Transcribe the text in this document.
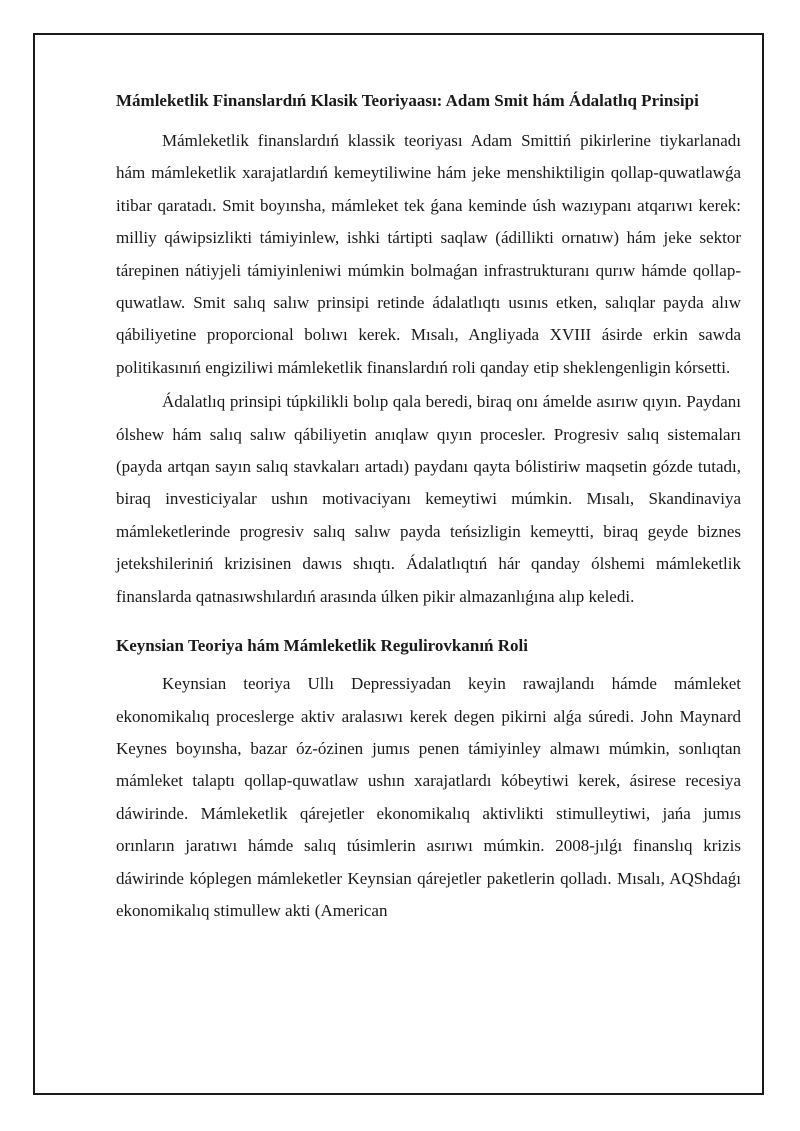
Mámleketlik Finanslardıń Klasik Teoriyaası: Adam Smit hám Ádalatlıq Prinsipi

Mámleketlik finanslardıń klassik teoriyası Adam Smittiń pikirlerine tiykarlanadı hám mámleketlik xarajatlardıń kemeytiliwine hám jeke menshiktiligin qollap-quwatlawǵa itibar qaratadı. Smit boyınsha, mámleket tek ǵana keminde úsh wazıypanı atqarıwı kerek: milliy qáwipsizlikti támiyinlew, ishki tártipti saqlaw (ádillikti ornatıw) hám jeke sektor tárepinen nátiyjeli támiyinleniwi múmkin bolmaǵan infrastrukturanı qurıw hámde qollap-quwatlaw. Smit salıq salıw prinsipi retinde ádalatlıqtı usınıs etken, salıqlar payda alıw qábiliyetine proporcional bolıwı kerek. Mısalı, Angliyada XVIII ásirde erkin sawda politikasınıń engiziliwi mámleketlik finanslardıń roli qanday etip sheklengenligin kórsetti.

Ádalatlıq prinsipi túpkilikli bolıp qala beredi, biraq onı ámelde asırıw qıyın. Paydanı ólshew hám salıq salıw qábiliyetin anıqlaw qıyın procesler. Progresiv salıq sistemaları (payda artqan sayın salıq stavkaları artadı) paydanı qayta bólistiriw maqsetin gózde tutadı, biraq investiciyalar ushın motivaciyanı kemeytiwi múmkin. Mısalı, Skandinaviya mámleketlerinde progresiv salıq salıw payda teńsizligin kemeytti, biraq geyde biznes jetekshileriniń krizisinen dawıs shıqtı. Ádalatlıqtıń hár qanday ólshemi mámleketlik finanslarda qatnasıwshılardıń arasında úlken pikir almazanlıǵına alıp keledi.

Keynsian Teoriya hám Mámleketlik Regulirovkanıń Roli

Keynsian teoriya Ullı Depressiyadan keyin rawajlandı hámde mámleket ekonomikalıq proceslerge aktiv aralasıwı kerek degen pikirni alǵa súredi. John Maynard Keynes boyınsha, bazar óz-ózinen jumıs penen támiyinley almawı múmkin, sonlıqtan mámleket talaptı qollap-quwatlaw ushın xarajatlardı kóbeytiwi kerek, ásirese recesiya dáwirinde. Mámleketlik qárejetler ekonomikalıq aktivlikti stimulleytiwi, jańa jumıs orınların jaratıwı hámde salıq túsimlerin asırıwı múmkin. 2008-jılǵı finanslıq krizis dáwirinde kóplegen mámleketler Keynsian qárejetler paketlerin qolladı. Mısalı, AQShdaǵı ekonomikalıq stimullew akti (American
